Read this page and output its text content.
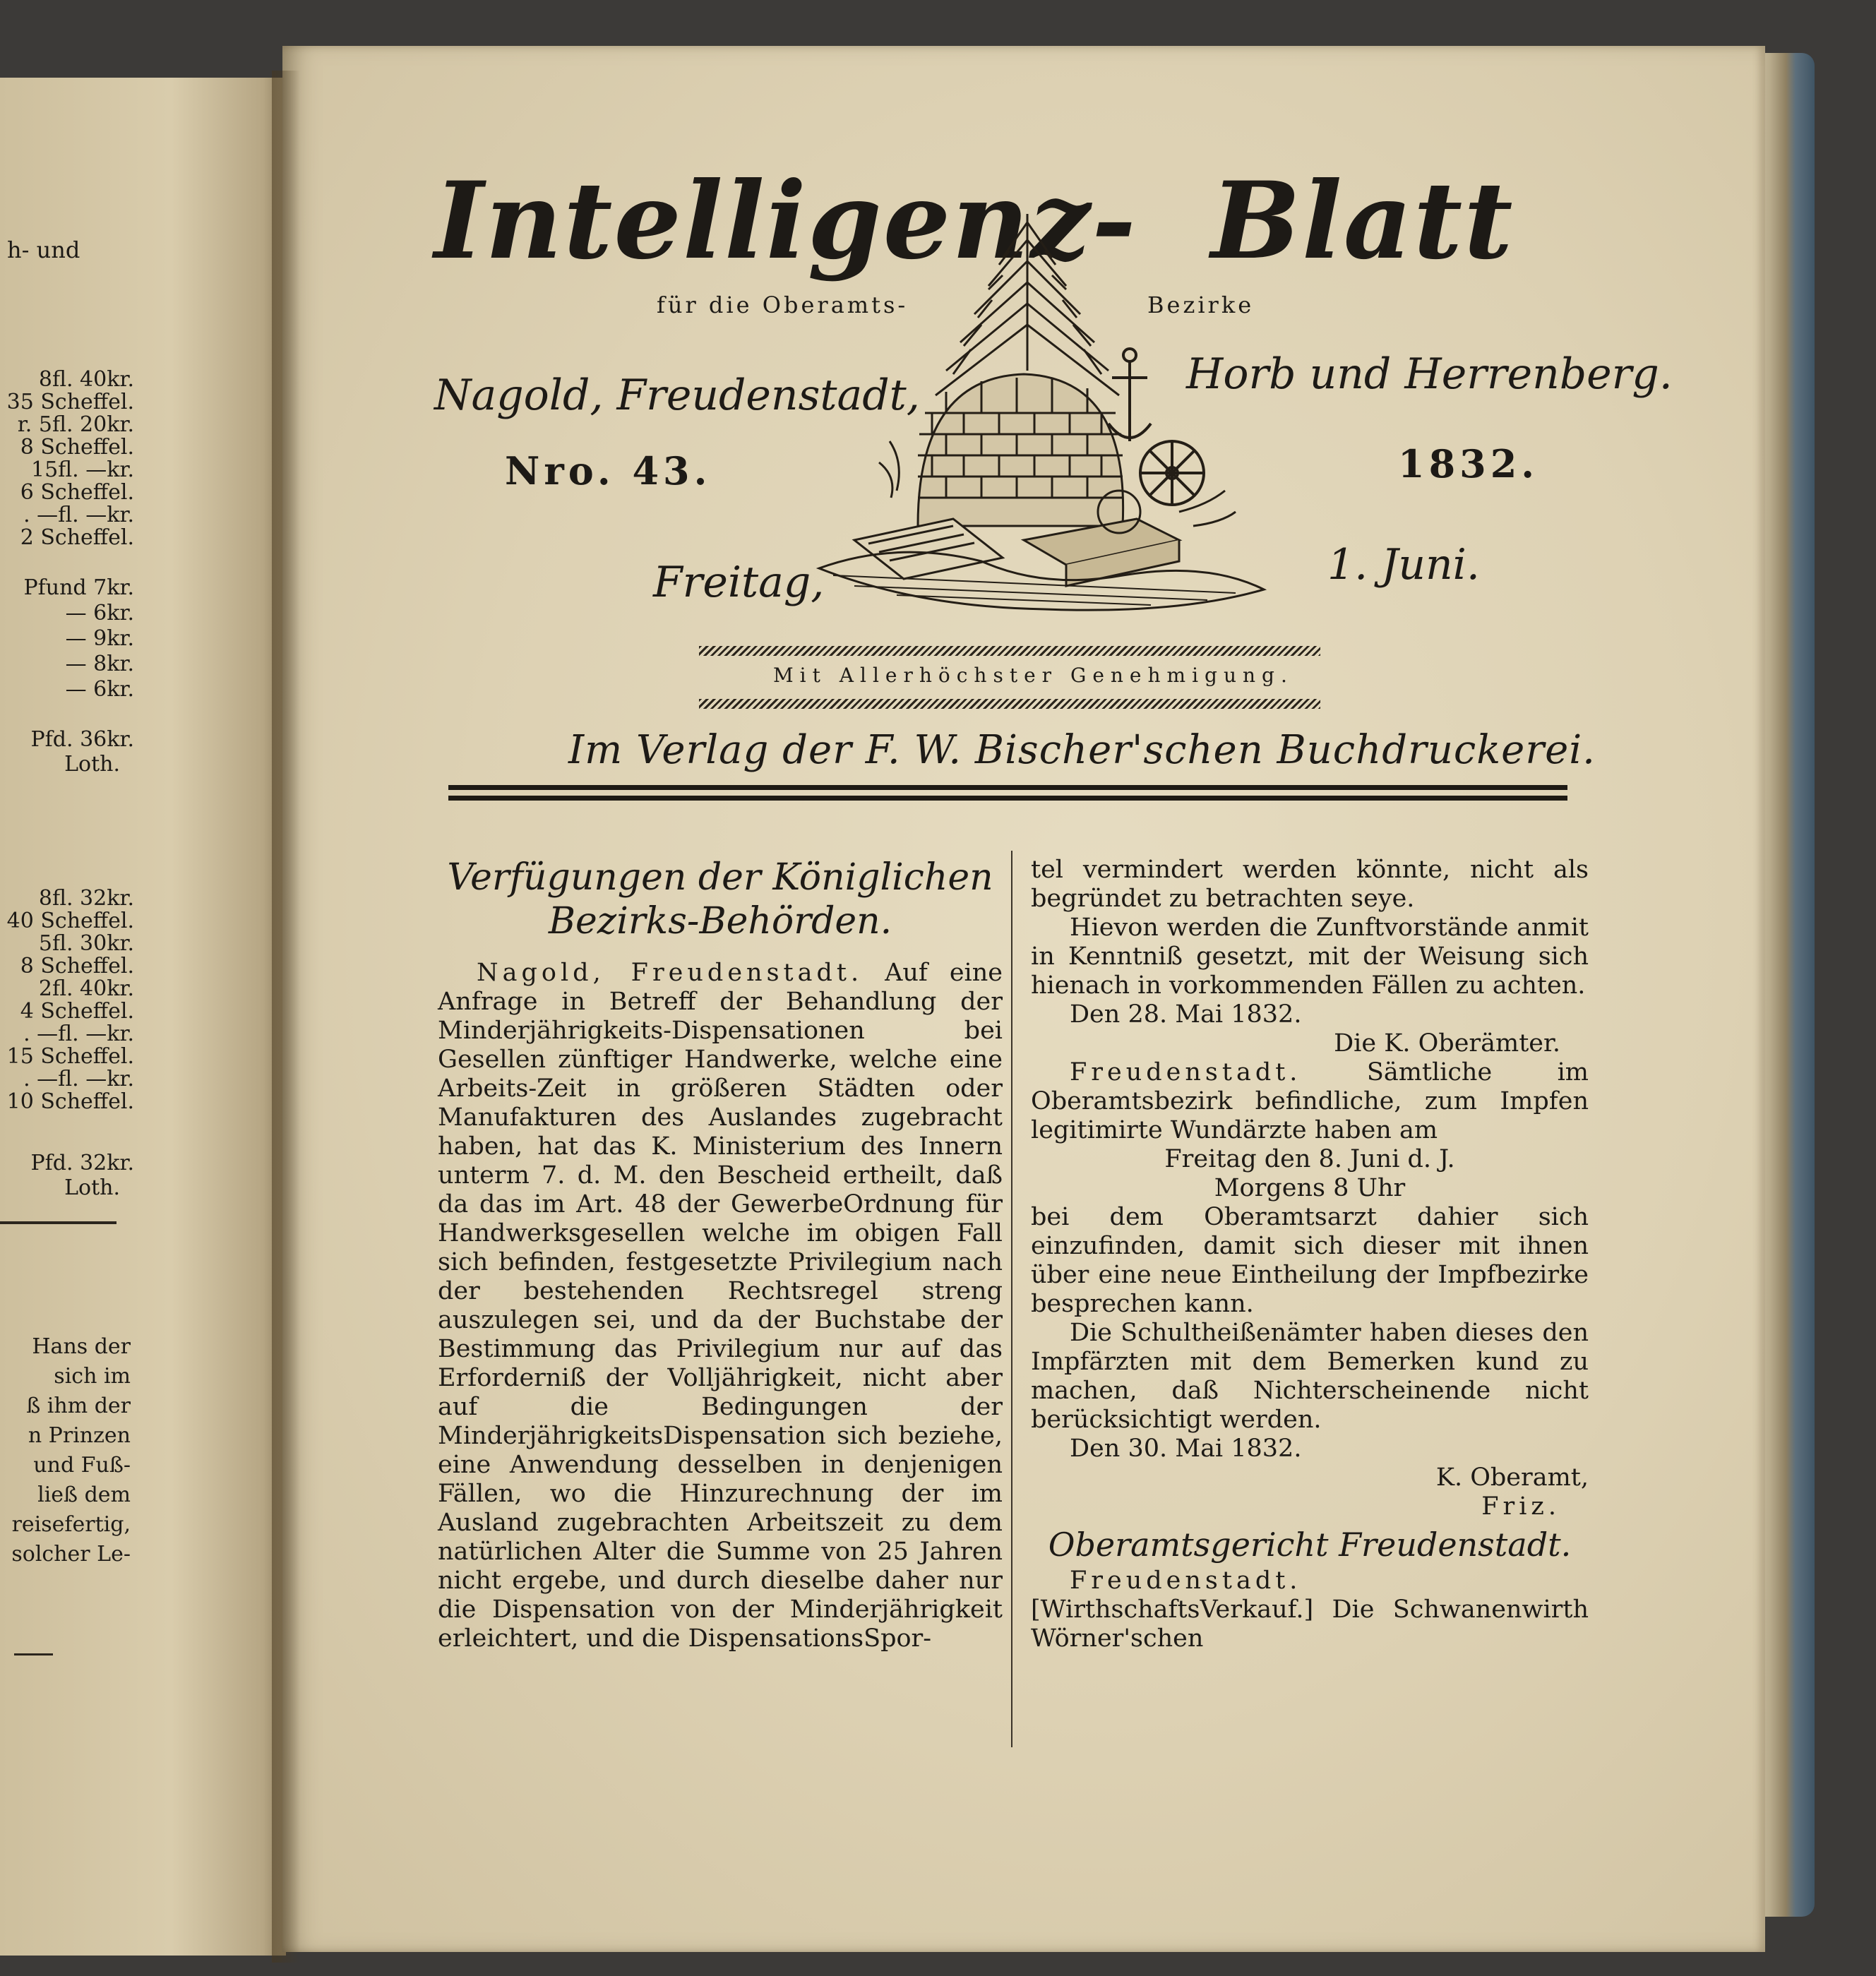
h- und
8fl. 40kr.
35 Scheffel.
r. 5fl. 20kr.
8 Scheffel.
15fl. —kr.
6 Scheffel.
. —fl. —kr.
2 Scheffel.
Pfund 7kr.
— 6kr.
— 9kr.
— 8kr.
— 6kr.
Pfd. 36kr.
Loth.
8fl. 32kr.
40 Scheffel.
5fl. 30kr.
8 Scheffel.
2fl. 40kr.
4 Scheffel.
. —fl. —kr.
15 Scheffel.
. —fl. —kr.
10 Scheffel.
Pfd. 32kr.
Loth.
Hans der
sich im
ß ihm der
n Prinzen
und Fuß-
ließ dem
reisefertig,
solcher Le-
Intelligenz- Blatt
für die Oberamts-	Bezirke
Nagold, Freudenstadt,	Horb und Herrenberg.
Nro. 43.	1832.
Freitag,	1. Juni.
Mit Allerhöchster Genehmigung.
Im Verlag der F. W. Bischer'schen Buchdruckerei.
Verfügungen der Königlichen Bezirks-Behörden.

Nagold, Freudenstadt. Auf eine Anfrage in Betreff der Behandlung der Minderjährigkeits-Dispensationen bei Gesellen zünftiger Handwerke, welche eine Arbeits-Zeit in größeren Städten oder Manufakturen des Auslandes zugebracht haben, hat das K. Ministerium des Innern unterm 7. d. M. den Bescheid ertheilt, daß da das im Art. 48 der GewerbeOrdnung für Handwerksgesellen welche im obigen Fall sich befinden, festgesetzte Privilegium nach der bestehenden Rechtsregel streng auszulegen sei, und da der Buchstabe der Bestimmung das Privilegium nur auf das Erforderniß der Volljährigkeit, nicht aber auf die Bedingungen der MinderjährigkeitsDispensation sich beziehe, eine Anwendung desselben in denjenigen Fällen, wo die Hinzurechnung der im Ausland zugebrachten Arbeitszeit zu dem natürlichen Alter die Summe von 25 Jahren nicht ergebe, und durch dieselbe daher nur die Dispensation von der Minderjährigkeit erleichtert, und die DispensationsSpor-

tel vermindert werden könnte, nicht als begründet zu betrachten seye.

Hievon werden die Zunftvorstände anmit in Kenntniß gesetzt, mit der Weisung sich hienach in vorkommenden Fällen zu achten.

Den 28. Mai 1832.

Die K. Oberämter.

Freudenstadt.	Sämtliche im Oberamtsbezirk befindliche, zum Impfen legitimirte Wundärzte haben am

Freitag den 8. Juni d. J.

Morgens 8 Uhr

bei dem Oberamtsarzt dahier sich einzufinden, damit sich dieser mit ihnen über eine neue Eintheilung der Impfbezirke besprechen kann.

Die Schultheißenämter haben dieses den Impfärzten mit dem Bemerken kund zu machen, daß Nichterscheinende nicht berücksichtigt werden.

Den 30. Mai 1832.

K. Oberamt,

Friz.

Oberamtsgericht Freudenstadt.

Freudenstadt. [WirthschaftsVerkauf.] Die Schwanenwirth Wörner'schen
